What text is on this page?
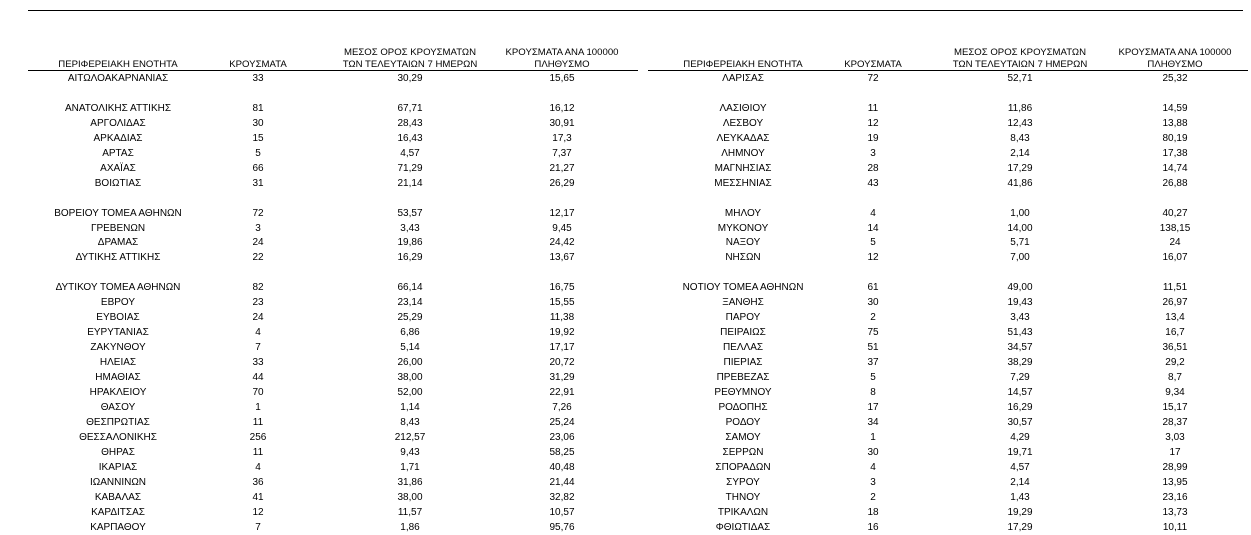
ΠΕΡΙΦΕΡΕΙΑΚΗ ΕΝΟΤΗΤΑ	ΚΡΟΥΣΜΑΤΑ
ΜΕΣΟΣ ΟΡΟΣ ΚΡΟΥΣΜΑΤΩΝ
ΤΩΝ ΤΕΛΕΥΤΑΙΩΝ 7 ΗΜΕΡΩΝ
ΚΡΟΥΣΜΑΤΑ ΑΝΑ 100000
ΠΛΗΘΥΣΜΟ
ΑΙΤΩΛΟΑΚΑΡΝΑΝΙΑΣ	33	30,29	15,65
ΑΝΑΤΟΛΙΚΗΣ ΑΤΤΙΚΗΣ	81	67,71	16,12
ΑΡΓΟΛΙΔΑΣ	30	28,43	30,91
ΑΡΚΑΔΙΑΣ	15	16,43	17,3
ΑΡΤΑΣ	5	4,57	7,37
ΑΧΑΪΑΣ	66	71,29	21,27
ΒΟΙΩΤΙΑΣ	31	21,14	26,29
ΒΟΡΕΙΟΥ ΤΟΜΕΑ ΑΘΗΝΩΝ	72	53,57	12,17
ΓΡΕΒΕΝΩΝ	3	3,43	9,45
ΔΡΑΜΑΣ	24	19,86	24,42
ΔΥΤΙΚΗΣ ΑΤΤΙΚΗΣ	22	16,29	13,67
ΔΥΤΙΚΟΥ ΤΟΜΕΑ ΑΘΗΝΩΝ	82	66,14	16,75
ΕΒΡΟΥ	23	23,14	15,55
ΕΥΒΟΙΑΣ	24	25,29	11,38
ΕΥΡΥΤΑΝΙΑΣ	4	6,86	19,92
ΖΑΚΥΝΘΟΥ	7	5,14	17,17
ΗΛΕΙΑΣ	33	26,00	20,72
ΗΜΑΘΙΑΣ	44	38,00	31,29
ΗΡΑΚΛΕΙΟΥ	70	52,00	22,91
ΘΑΣΟΥ	1	1,14	7,26
ΘΕΣΠΡΩΤΙΑΣ	11	8,43	25,24
ΘΕΣΣΑΛΟΝΙΚΗΣ	256	212,57	23,06
ΘΗΡΑΣ	11	9,43	58,25
ΙΚΑΡΙΑΣ	4	1,71	40,48
ΙΩΑΝΝΙΝΩΝ	36	31,86	21,44
ΚΑΒΑΛΑΣ	41	38,00	32,82
ΚΑΡΔΙΤΣΑΣ	12	11,57	10,57
ΚΑΡΠΑΘΟΥ	7	1,86	95,76
ΠΕΡΙΦΕΡΕΙΑΚΗ ΕΝΟΤΗΤΑ	ΚΡΟΥΣΜΑΤΑ
ΜΕΣΟΣ ΟΡΟΣ ΚΡΟΥΣΜΑΤΩΝ
ΤΩΝ ΤΕΛΕΥΤΑΙΩΝ 7 ΗΜΕΡΩΝ
ΚΡΟΥΣΜΑΤΑ ΑΝΑ 100000
ΠΛΗΘΥΣΜΟ
ΛΑΡΙΣΑΣ	72	52,71	25,32
ΛΑΣΙΘΙΟΥ	11	11,86	14,59
ΛΕΣΒΟΥ	12	12,43	13,88
ΛΕΥΚΑΔΑΣ	19	8,43	80,19
ΛΗΜΝΟΥ	3	2,14	17,38
ΜΑΓΝΗΣΙΑΣ	28	17,29	14,74
ΜΕΣΣΗΝΙΑΣ	43	41,86	26,88
ΜΗΛΟΥ	4	1,00	40,27
ΜΥΚΟΝΟΥ	14	14,00	138,15
ΝΑΞΟΥ	5	5,71	24
ΝΗΣΩΝ	12	7,00	16,07
ΝΟΤΙΟΥ ΤΟΜΕΑ ΑΘΗΝΩΝ	61	49,00	11,51
ΞΑΝΘΗΣ	30	19,43	26,97
ΠΑΡΟΥ	2	3,43	13,4
ΠΕΙΡΑΙΩΣ	75	51,43	16,7
ΠΕΛΛΑΣ	51	34,57	36,51
ΠΙΕΡΙΑΣ	37	38,29	29,2
ΠΡΕΒΕΖΑΣ	5	7,29	8,7
ΡΕΘΥΜΝΟΥ	8	14,57	9,34
ΡΟΔΟΠΗΣ	17	16,29	15,17
ΡΟΔΟΥ	34	30,57	28,37
ΣΑΜΟΥ	1	4,29	3,03
ΣΕΡΡΩΝ	30	19,71	17
ΣΠΟΡΑΔΩΝ	4	4,57	28,99
ΣΥΡΟΥ	3	2,14	13,95
ΤΗΝΟΥ	2	1,43	23,16
ΤΡΙΚΑΛΩΝ	18	19,29	13,73
ΦΘΙΩΤΙΔΑΣ	16	17,29	10,11
